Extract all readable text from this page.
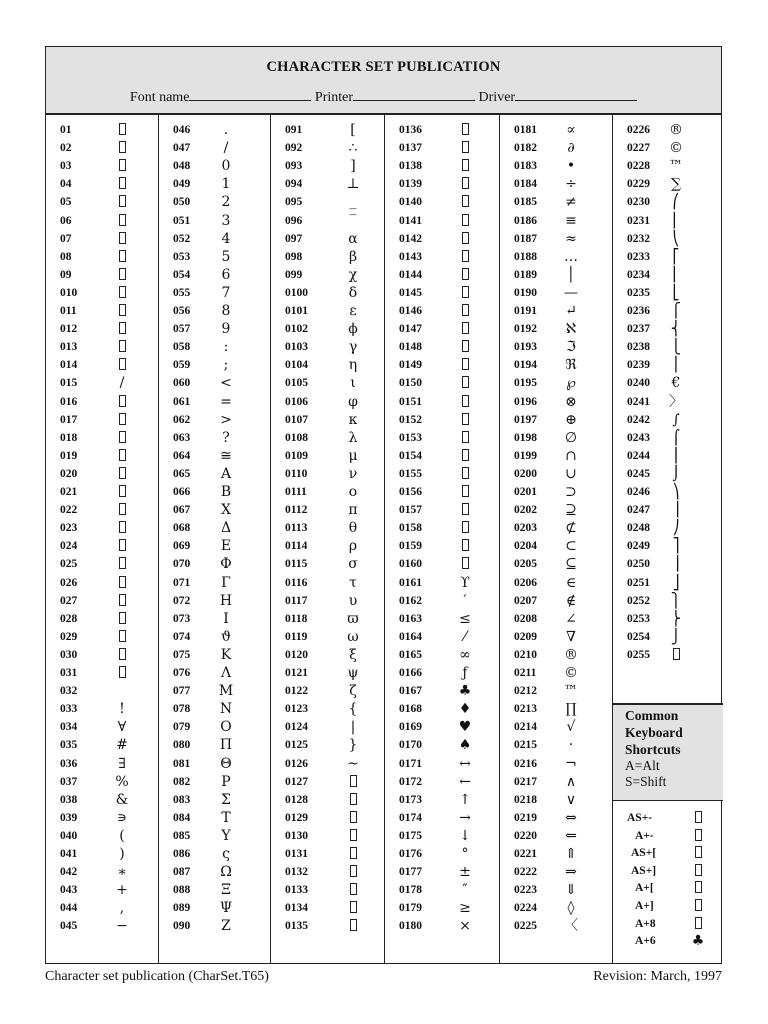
CHARACTER SET PUBLICATION
Font name	Printer	Driver
01
02
03
04
05
06
07
08
09
010
011
012
013
014
015	/
016
017
018
019
020
021
022
023
024
025
026
027
028
029
030
031
032
033	!
034	∀
035	#
036	∃
037	%
038	&
039	∍
040	(
041	)
042	∗
043	+
044	,
045	−
046	.
047	/
048	0
049	1
050	2
051	3
052	4
053	5
054	6
055	7
056	8
057	9
058	:
059	;
060	<
061	=
062	>
063	?
064	≅
065	Α
066	Β
067	Χ
068	Δ
069	Ε
070	Φ
071	Γ
072	Η
073	Ι
074	ϑ
075	Κ
076	Λ
077	Μ
078	Ν
079	Ο
080	Π
081	Θ
082	Ρ
083	Σ
084	Τ
085	Υ
086	ς
087	Ω
088	Ξ
089	Ψ
090	Ζ
091	[
092	∴
093	]
094	⊥
095	_
096	‾
097	α
098	β
099	χ
0100	δ
0101	ε
0102	ϕ
0103	γ
0104	η
0105	ι
0106	φ
0107	κ
0108	λ
0109	μ
0110	ν
0111	ο
0112	π
0113	θ
0114	ρ
0115	σ
0116	τ
0117	υ
0118	ϖ
0119	ω
0120	ξ
0121	ψ
0122	ζ
0123	{
0124	|
0125	}
0126	~
0127
0128
0129
0130
0131
0132
0133
0134
0135
0136
0137
0138
0139
0140
0141
0142
0143
0144
0145
0146
0147
0148
0149
0150
0151
0152
0153
0154
0155
0156
0157
0158
0159
0160
0161	ϒ
0162	′
0163	≤
0164	⁄
0165	∞
0166	ƒ
0167	♣
0168	♦
0169	♥
0170	♠
0171	↔
0172	←
0173	↑
0174	→
0175	↓
0176	°
0177	±
0178	″
0179	≥
0180	×
0181	∝
0182	∂
0183	•
0184	÷
0185	≠
0186	≡
0187	≈
0188	…
0189	│
0190	—
0191	↵
0192	ℵ
0193	ℑ
0194	ℜ
0195	℘
0196	⊗
0197	⊕
0198	∅
0199	∩
0200	∪
0201	⊃
0202	⊇
0203	⊄
0204	⊂
0205	⊆
0206	∈
0207	∉
0208	∠
0209	∇
0210	®
0211	©
0212	™
0213	∏
0214	√
0215	·
0216	¬
0217	∧
0218	∨
0219	⇔
0220	⇐
0221	⇑
0222	⇒
0223	⇓
0224	◊
0225	〈
0226	®
0227	©
0228	™
0229	∑
0230	⎛
0231	⎜
0232	⎝
0233	⎡
0234	⎢
0235	⎣
0236	⎧
0237	⎨
0238	⎩
0239	⎪
0240	€
0241	〉
0242	∫
0243	⌠
0244	⎮
0245	⌡
0246	⎞
0247	⎟
0248	⎠
0249	⎤
0250	⎥
0251	⎦
0252	⎫
0253	⎬
0254	⎭
0255
Common
Keyboard
Shortcuts
A=Alt
S=Shift
AS+-
A+-
AS+[
AS+]
A+[
A+]
A+8
A+6	♣
Character set publication (CharSet.T65)	Revision: March, 1997
